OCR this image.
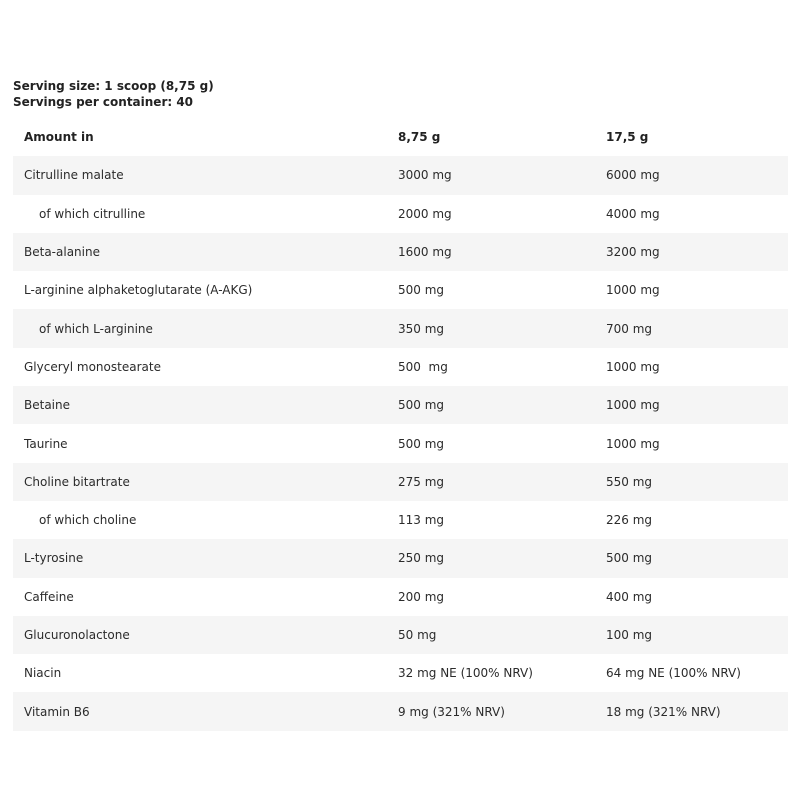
Serving size: 1 scoop (8,75 g)
Servings per container: 40
Amount in	8,75 g	17,5 g
Citrulline malate	3000 mg	6000 mg
of which citrulline	2000 mg	4000 mg
Beta-alanine	1600 mg	3200 mg
L-arginine alphaketoglutarate (A-AKG)	500 mg	1000 mg
of which L-arginine	350 mg	700 mg
Glyceryl monostearate	500  mg	1000 mg
Betaine	500 mg	1000 mg
Taurine	500 mg	1000 mg
Choline bitartrate	275 mg	550 mg
of which choline	113 mg	226 mg
L-tyrosine	250 mg	500 mg
Caffeine	200 mg	400 mg
Glucuronolactone	50 mg	100 mg
Niacin	32 mg NE (100% NRV)	64 mg NE (100% NRV)
Vitamin B6	9 mg (321% NRV)	18 mg (321% NRV)
